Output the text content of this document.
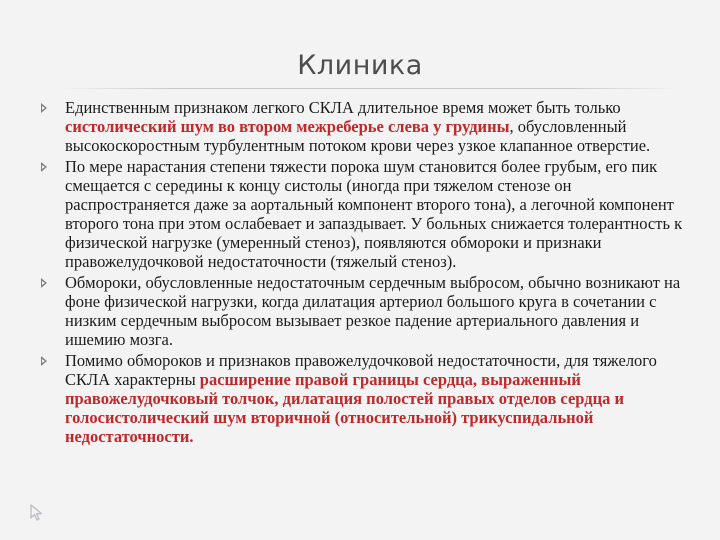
Клиника
Единственным признаком легкого СКЛА длительное время может быть только систолический шум во втором межреберье слева у грудины, обусловленный высокоскоростным турбулентным потоком крови через узкое клапанное отверстие.
По мере нарастания степени тяжести порока шум становится более грубым, его пик смещается с середины к концу систолы (иногда при тяжелом стенозе он распространяется даже за аортальный компонент второго тона), а легочной компонент второго тона при этом ослабевает и запаздывает. У больных снижается толерантность к физической нагрузке (умеренный стеноз), появляются обмороки и признаки правожелудочковой недостаточности (тяжелый стеноз).
Обмороки, обусловленные недостаточным сердечным выбросом, обычно возникают на фоне физической нагрузки, когда дилатация артериол большого круга в сочетании с низким сердечным выбросом вызывает резкое падение артериального давления и ишемию мозга.
Помимо обмороков и признаков правожелудочковой недостаточности, для тяжелого СКЛА характерны расширение правой границы сердца, выраженный правожелудочковый толчок, дилатация полостей правых отделов сердца и голосистолический шум вторичной (относительной) трикуспидальной недостаточности.
